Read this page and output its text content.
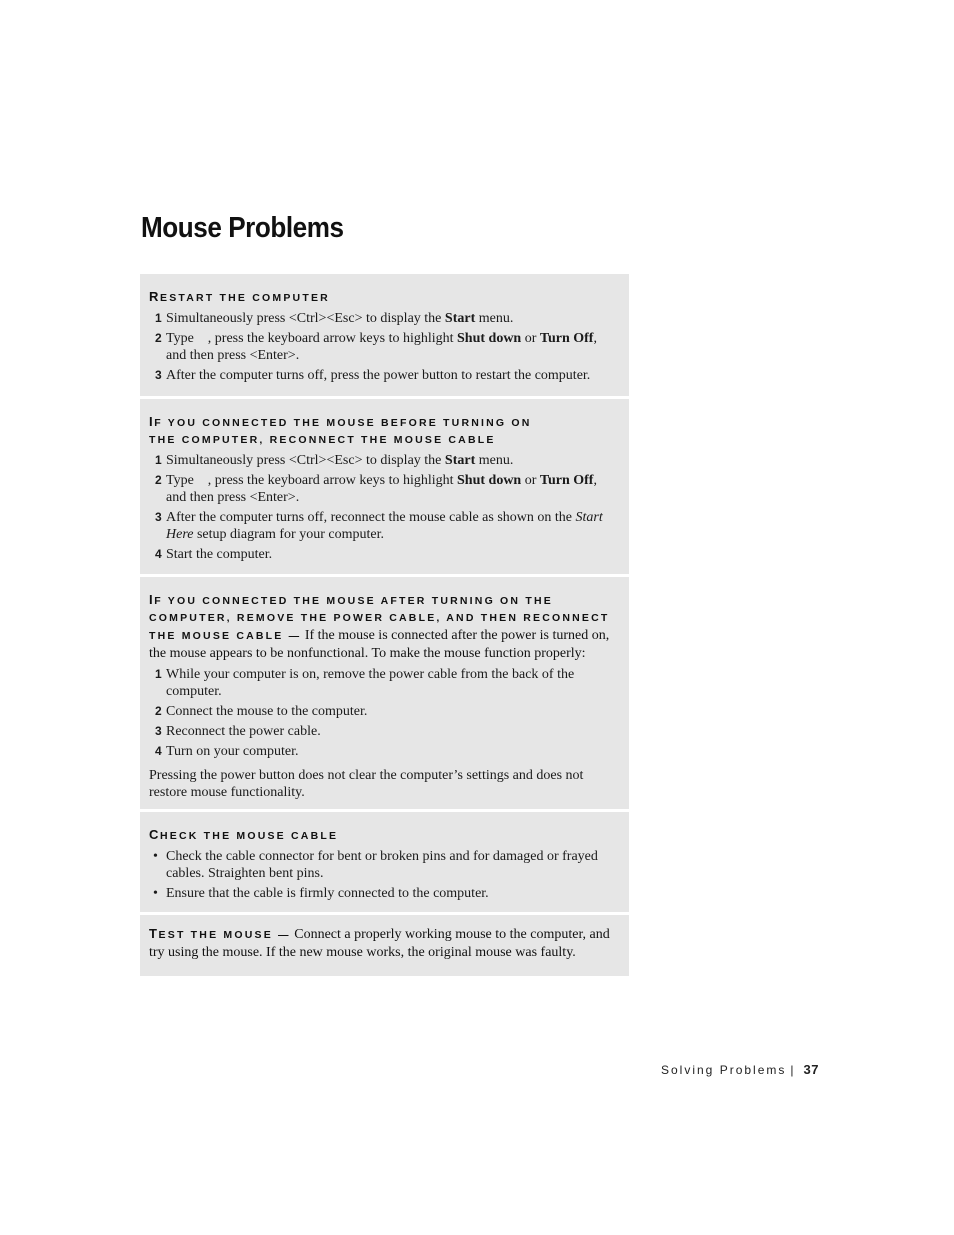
Mouse Problems
RESTART THE COMPUTER
1 Simultaneously press <Ctrl><Esc> to display the Start menu.
2 Type    , press the keyboard arrow keys to highlight Shut down or Turn Off, and then press <Enter>.
3 After the computer turns off, press the power button to restart the computer.
IF YOU CONNECTED THE MOUSE BEFORE TURNING ON THE COMPUTER, RECONNECT THE MOUSE CABLE
1 Simultaneously press <Ctrl><Esc> to display the Start menu.
2 Type    , press the keyboard arrow keys to highlight Shut down or Turn Off, and then press <Enter>.
3 After the computer turns off, reconnect the mouse cable as shown on the Start Here setup diagram for your computer.
4 Start the computer.
IF YOU CONNECTED THE MOUSE AFTER TURNING ON THE COMPUTER, REMOVE THE POWER CABLE, AND THEN RECONNECT THE MOUSE CABLE — If the mouse is connected after the power is turned on, the mouse appears to be nonfunctional. To make the mouse function properly:
1 While your computer is on, remove the power cable from the back of the computer.
2 Connect the mouse to the computer.
3 Reconnect the power cable.
4 Turn on your computer.
Pressing the power button does not clear the computer’s settings and does not restore mouse functionality.
CHECK THE MOUSE CABLE
• Check the cable connector for bent or broken pins and for damaged or frayed cables. Straighten bent pins.
• Ensure that the cable is firmly connected to the computer.
TEST THE MOUSE — Connect a properly working mouse to the computer, and try using the mouse. If the new mouse works, the original mouse was faulty.
Solving Problems | 37
